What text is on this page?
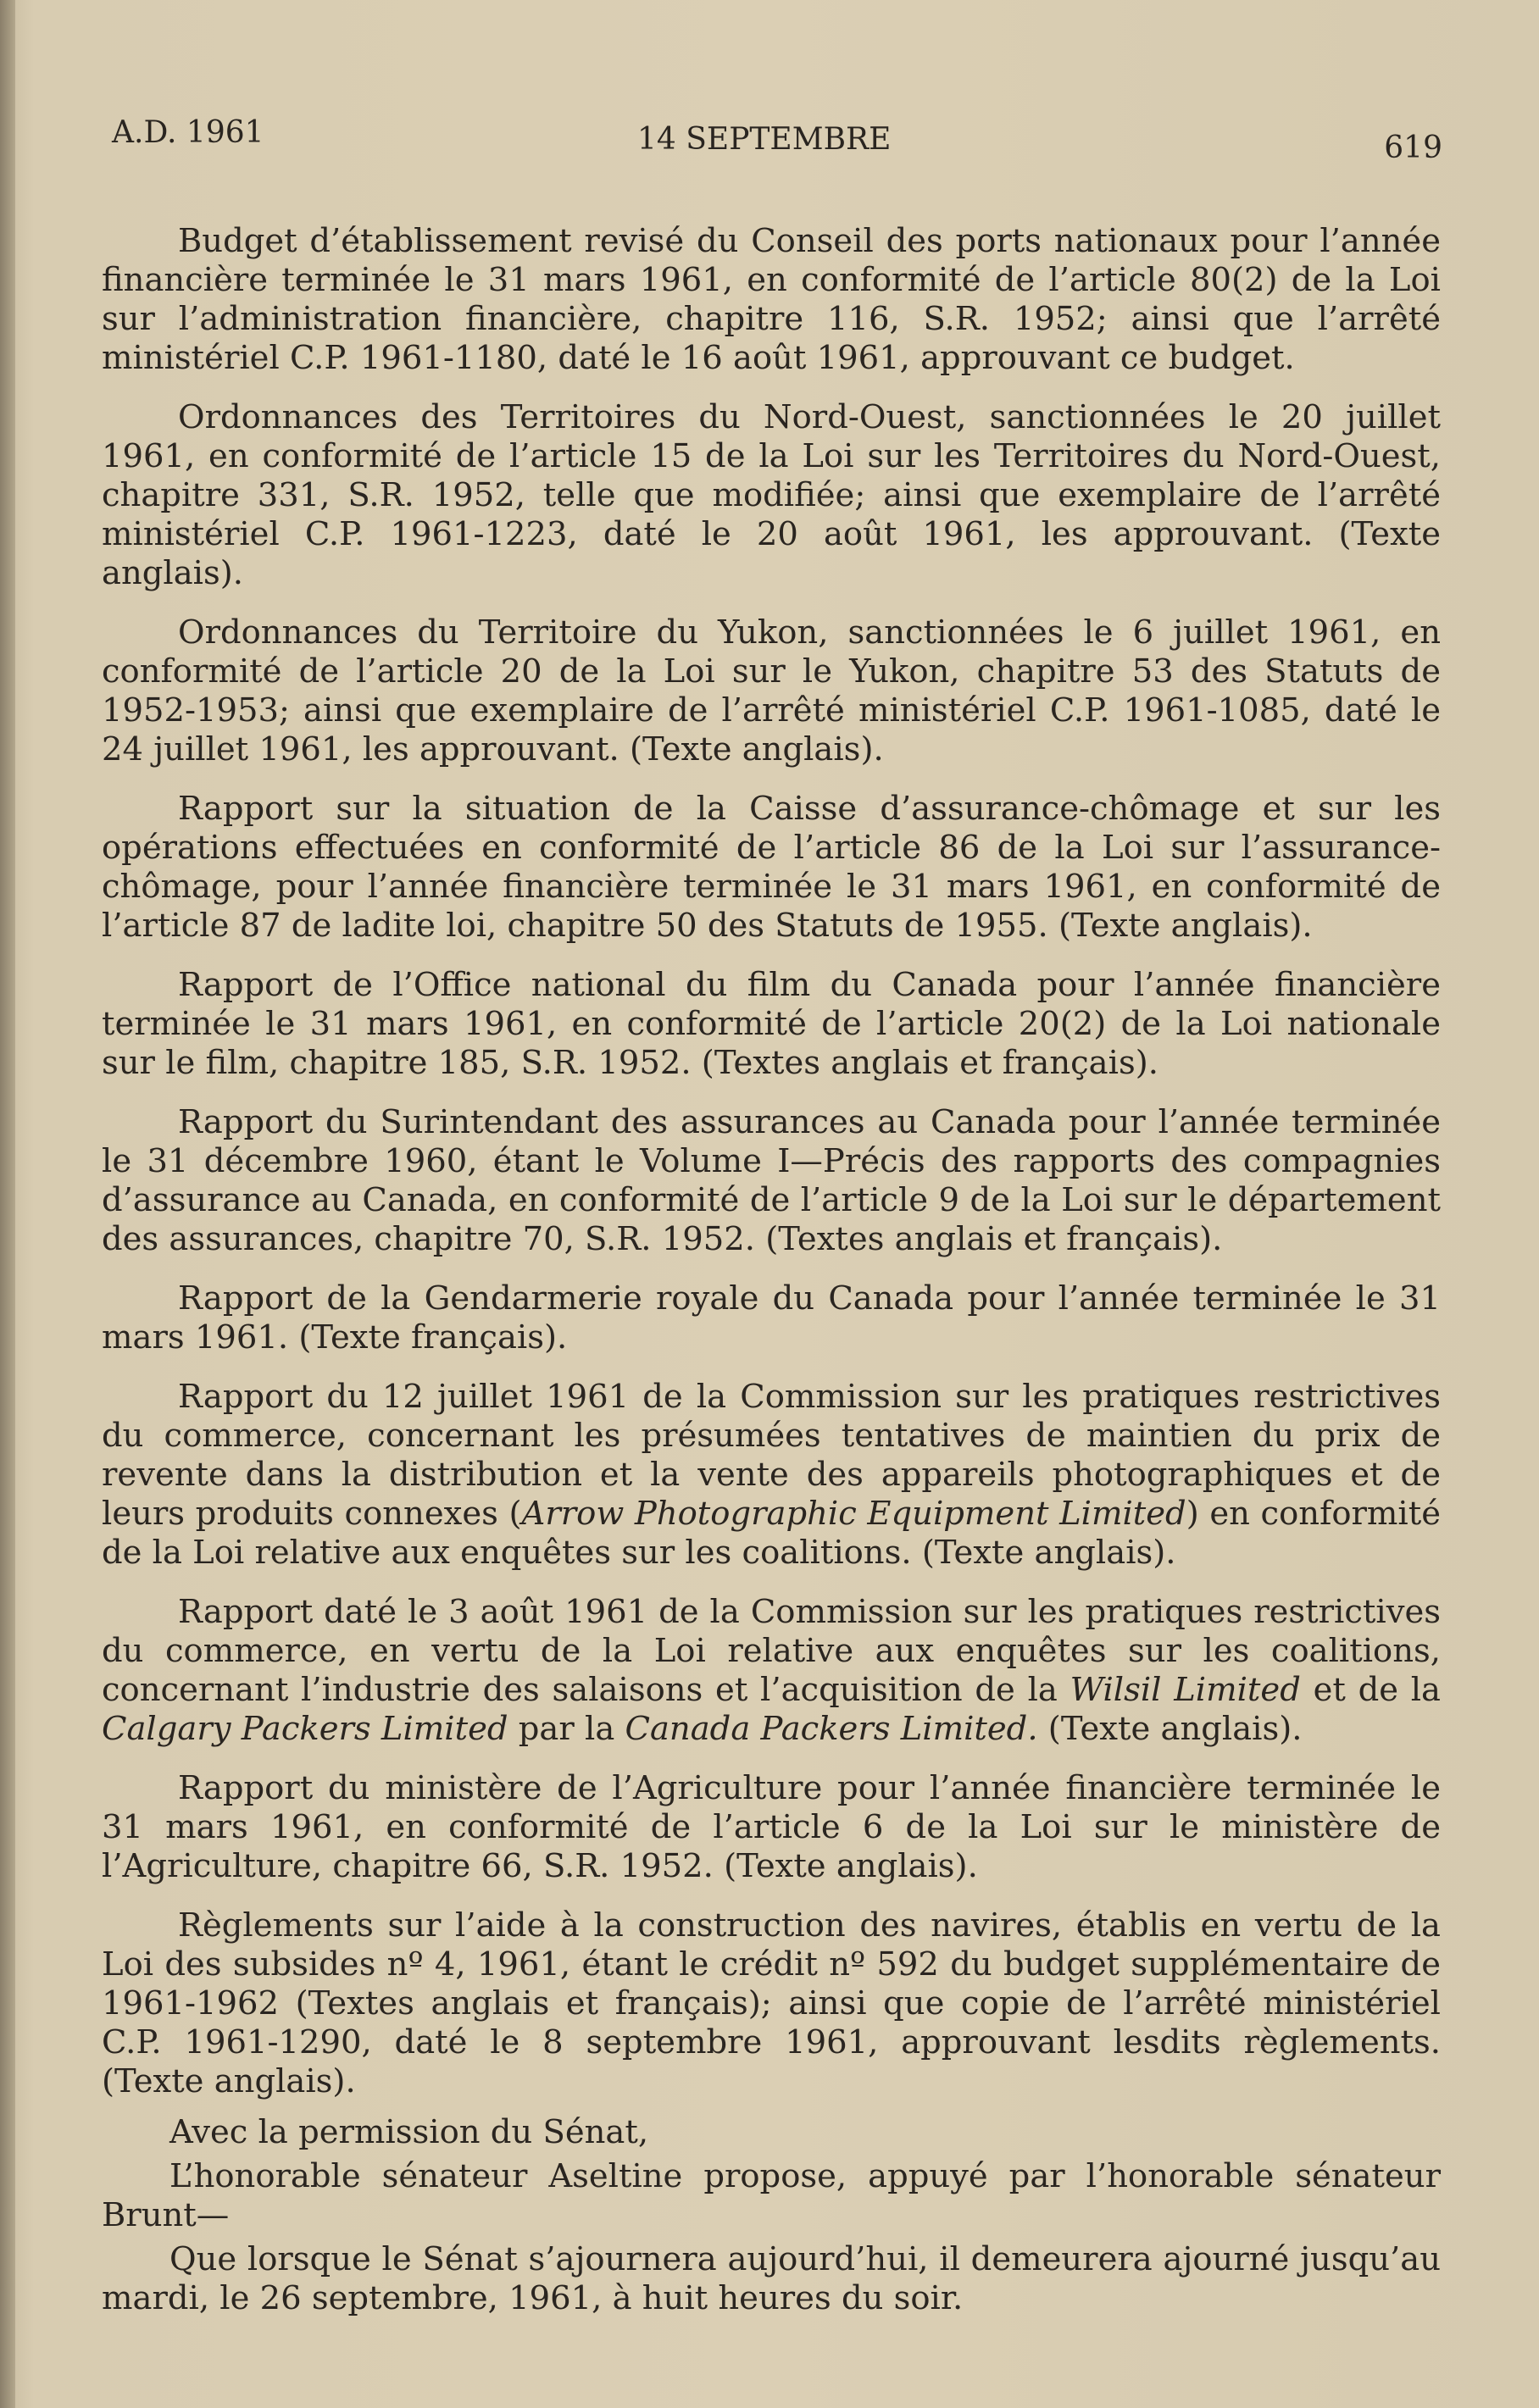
A.D. 1961	14 SEPTEMBRE	619

Budget d’établissement revisé du Conseil des ports nationaux pour l’année financière terminée le 31 mars 1961, en conformité de l’article 80(2) de la Loi sur l’administration financière, chapitre 116, S.R. 1952; ainsi que l’arrêté ministériel C.P. 1961-1180, daté le 16 août 1961, approuvant ce budget.

Ordonnances des Territoires du Nord-Ouest, sanctionnées le 20 juillet 1961, en conformité de l’article 15 de la Loi sur les Territoires du Nord-Ouest, chapitre 331, S.R. 1952, telle que modifiée; ainsi que exemplaire de l’arrêté ministériel C.P. 1961-1223, daté le 20 août 1961, les approuvant. (Texte anglais).

Ordonnances du Territoire du Yukon, sanctionnées le 6 juillet 1961, en conformité de l’article 20 de la Loi sur le Yukon, chapitre 53 des Statuts de 1952-1953; ainsi que exemplaire de l’arrêté ministériel C.P. 1961-1085, daté le 24 juillet 1961, les approuvant. (Texte anglais).

Rapport sur la situation de la Caisse d’assurance-chômage et sur les opérations effectuées en conformité de l’article 86 de la Loi sur l’assurance-chômage, pour l’année financière terminée le 31 mars 1961, en conformité de l’article 87 de ladite loi, chapitre 50 des Statuts de 1955. (Texte anglais).

Rapport de l’Office national du film du Canada pour l’année financière terminée le 31 mars 1961, en conformité de l’article 20(2) de la Loi nationale sur le film, chapitre 185, S.R. 1952. (Textes anglais et français).

Rapport du Surintendant des assurances au Canada pour l’année terminée le 31 décembre 1960, étant le Volume I—Précis des rapports des compagnies d’assurance au Canada, en conformité de l’article 9 de la Loi sur le département des assurances, chapitre 70, S.R. 1952. (Textes anglais et français).

Rapport de la Gendarmerie royale du Canada pour l’année terminée le 31 mars 1961. (Texte français).

Rapport du 12 juillet 1961 de la Commission sur les pratiques restrictives du commerce, concernant les présumées tentatives de maintien du prix de revente dans la distribution et la vente des appareils photographiques et de leurs produits connexes (Arrow Photographic Equipment Limited) en conformité de la Loi relative aux enquêtes sur les coalitions. (Texte anglais).

Rapport daté le 3 août 1961 de la Commission sur les pratiques restrictives du commerce, en vertu de la Loi relative aux enquêtes sur les coalitions, concernant l’industrie des salaisons et l’acquisition de la Wilsil Limited et de la Calgary Packers Limited par la Canada Packers Limited. (Texte anglais).

Rapport du ministère de l’Agriculture pour l’année financière terminée le 31 mars 1961, en conformité de l’article 6 de la Loi sur le ministère de l’Agriculture, chapitre 66, S.R. 1952. (Texte anglais).

Règlements sur l’aide à la construction des navires, établis en vertu de la Loi des subsides nº 4, 1961, étant le crédit nº 592 du budget supplémentaire de 1961-1962 (Textes anglais et français); ainsi que copie de l’arrêté ministériel C.P. 1961-1290, daté le 8 septembre 1961, approuvant lesdits règlements. (Texte anglais).

Avec la permission du Sénat,

L’honorable sénateur Aseltine propose, appuyé par l’honorable sénateur Brunt—

Que lorsque le Sénat s’ajournera aujourd’hui, il demeurera ajourné jusqu’au mardi, le 26 septembre, 1961, à huit heures du soir.
